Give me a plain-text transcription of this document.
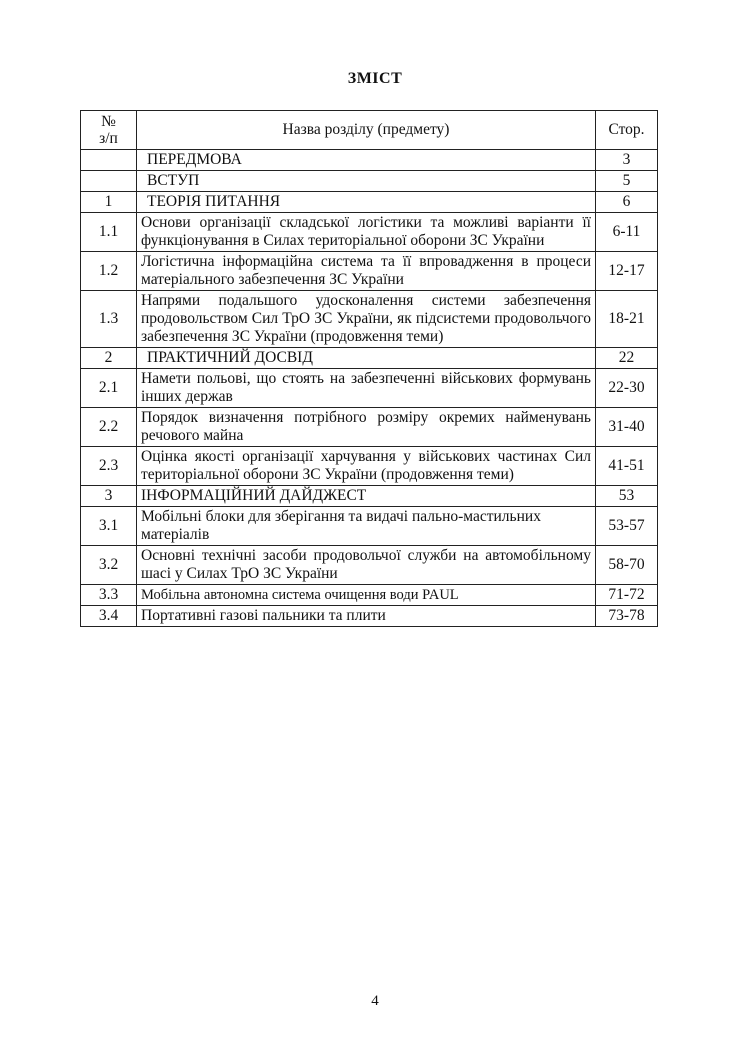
ЗМІСТ
№
з/п	Назва розділу (предмету)	Стор.
	ПЕРЕДМОВА	3
	ВСТУП	5
1	ТЕОРІЯ ПИТАННЯ	6
1.1	Основи організації складської логістики та можливі варіанти її функціонування в Силах територіальної оборони ЗС України	6-11
1.2	Логістична інформаційна система та її впровадження в процеси матеріального забезпечення ЗС України	12-17
1.3	Напрями подальшого удосконалення системи забезпечення продовольством Сил ТрО ЗС України, як підсистеми продовольчого забезпечення ЗС України (продовження теми)	18-21
2	ПРАКТИЧНИЙ ДОСВІД	22
2.1	Намети польові, що стоять на забезпеченні військових формувань інших держав	22-30
2.2	Порядок визначення потрібного розміру окремих найменувань речового майна	31-40
2.3	Оцінка якості організації харчування у військових частинах Сил територіальної оборони ЗС України (продовження теми)	41-51
3	ІНФОРМАЦІЙНИЙ ДАЙДЖЕСТ	53
3.1	Мобільні блоки для зберігання та видачі пально-мастильних матеріалів	53-57
3.2	Основні технічні засоби продовольчої служби на автомобільному шасі у Силах ТрО ЗС України	58-70
3.3	Мобільна автономна система очищення води PAUL	71-72
3.4	Портативні газові пальники та плити	73-78
4
